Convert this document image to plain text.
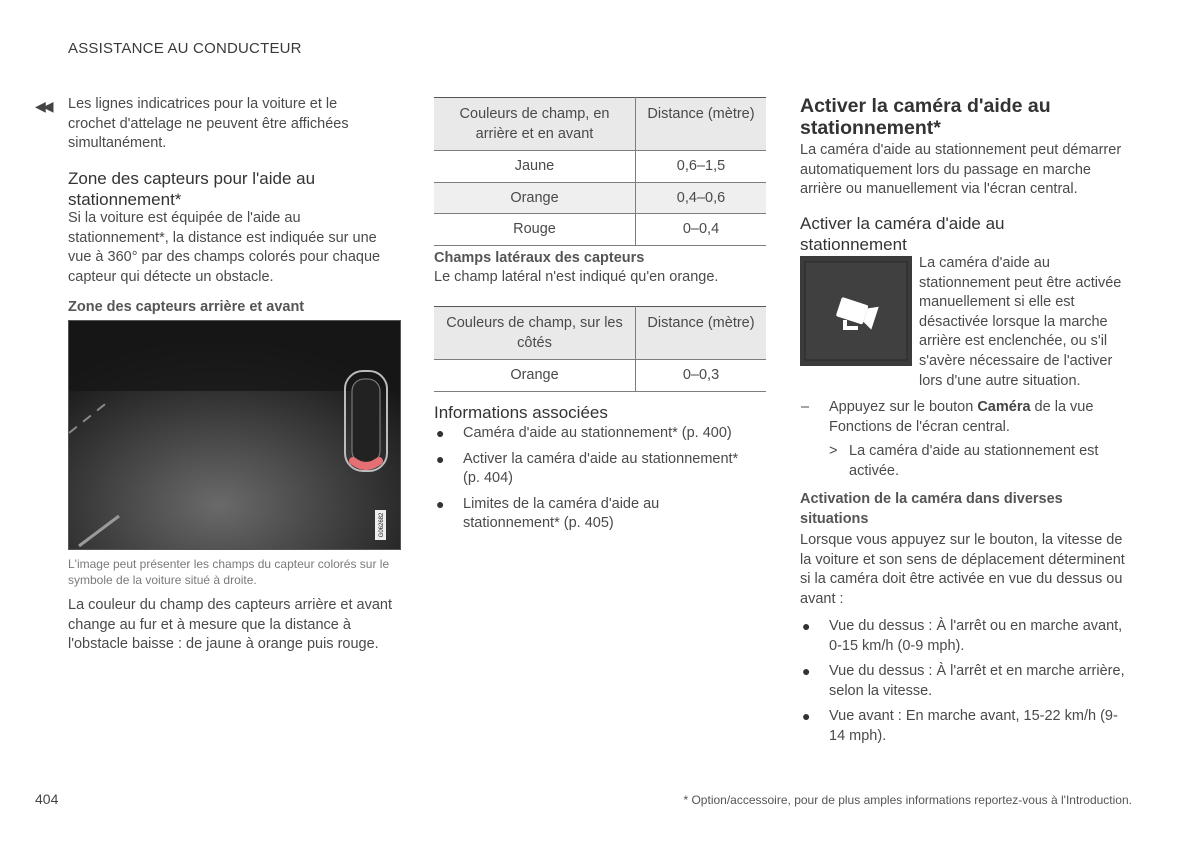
ASSISTANCE AU CONDUCTEUR
◀◀ Les lignes indicatrices pour la voiture et le crochet d'attelage ne peuvent être affichées simultanément.

Zone des capteurs pour l'aide au stationnement*

Si la voiture est équipée de l'aide au stationnement*, la distance est indiquée sur une vue à 360° par des champs colorés pour chaque capteur qui détecte un obstacle.

Zone des capteurs arrière et avant

G062682

L'image peut présenter les champs du capteur colorés sur le symbole de la voiture situé à droite.

La couleur du champ des capteurs arrière et avant change au fur et à mesure que la distance à l'obstacle baisse : de jaune à orange puis rouge.

Couleurs de champ, en arrière et en avant	Distance (mètre)
Jaune	0,6–1,5
Orange	0,4–0,6
Rouge	0–0,4

Champs latéraux des capteurs

Le champ latéral n'est indiqué qu'en orange.

Couleurs de champ, sur les côtés	Distance (mètre)
Orange	0–0,3

Informations associées

● Caméra d'aide au stationnement* (p. 400)
● Activer la caméra d'aide au stationnement* (p. 404)
● Limites de la caméra d'aide au stationnement* (p. 405)

Activer la caméra d'aide au stationnement*

La caméra d'aide au stationnement peut démarrer automatiquement lors du passage en marche arrière ou manuellement via l'écran central.

Activer la caméra d'aide au stationnement

La caméra d'aide au stationnement peut être activée manuellement si elle est désactivée lorsque la marche arrière est enclenchée, ou s'il s'avère nécessaire de l'activer lors d'une autre situation.

– Appuyez sur le bouton Caméra de la vue Fonctions de l'écran central.

> La caméra d'aide au stationnement est activée.

Activation de la caméra dans diverses situations

Lorsque vous appuyez sur le bouton, la vitesse de la voiture et son sens de déplacement déterminent si la caméra doit être activée en vue du dessus ou avant :

● Vue du dessus : À l'arrêt ou en marche avant, 0-15 km/h (0-9 mph).
● Vue du dessus : À l'arrêt et en marche arrière, selon la vitesse.
● Vue avant : En marche avant, 15-22 km/h (9-14 mph).
404	* Option/accessoire, pour de plus amples informations reportez-vous à l'Introduction.
